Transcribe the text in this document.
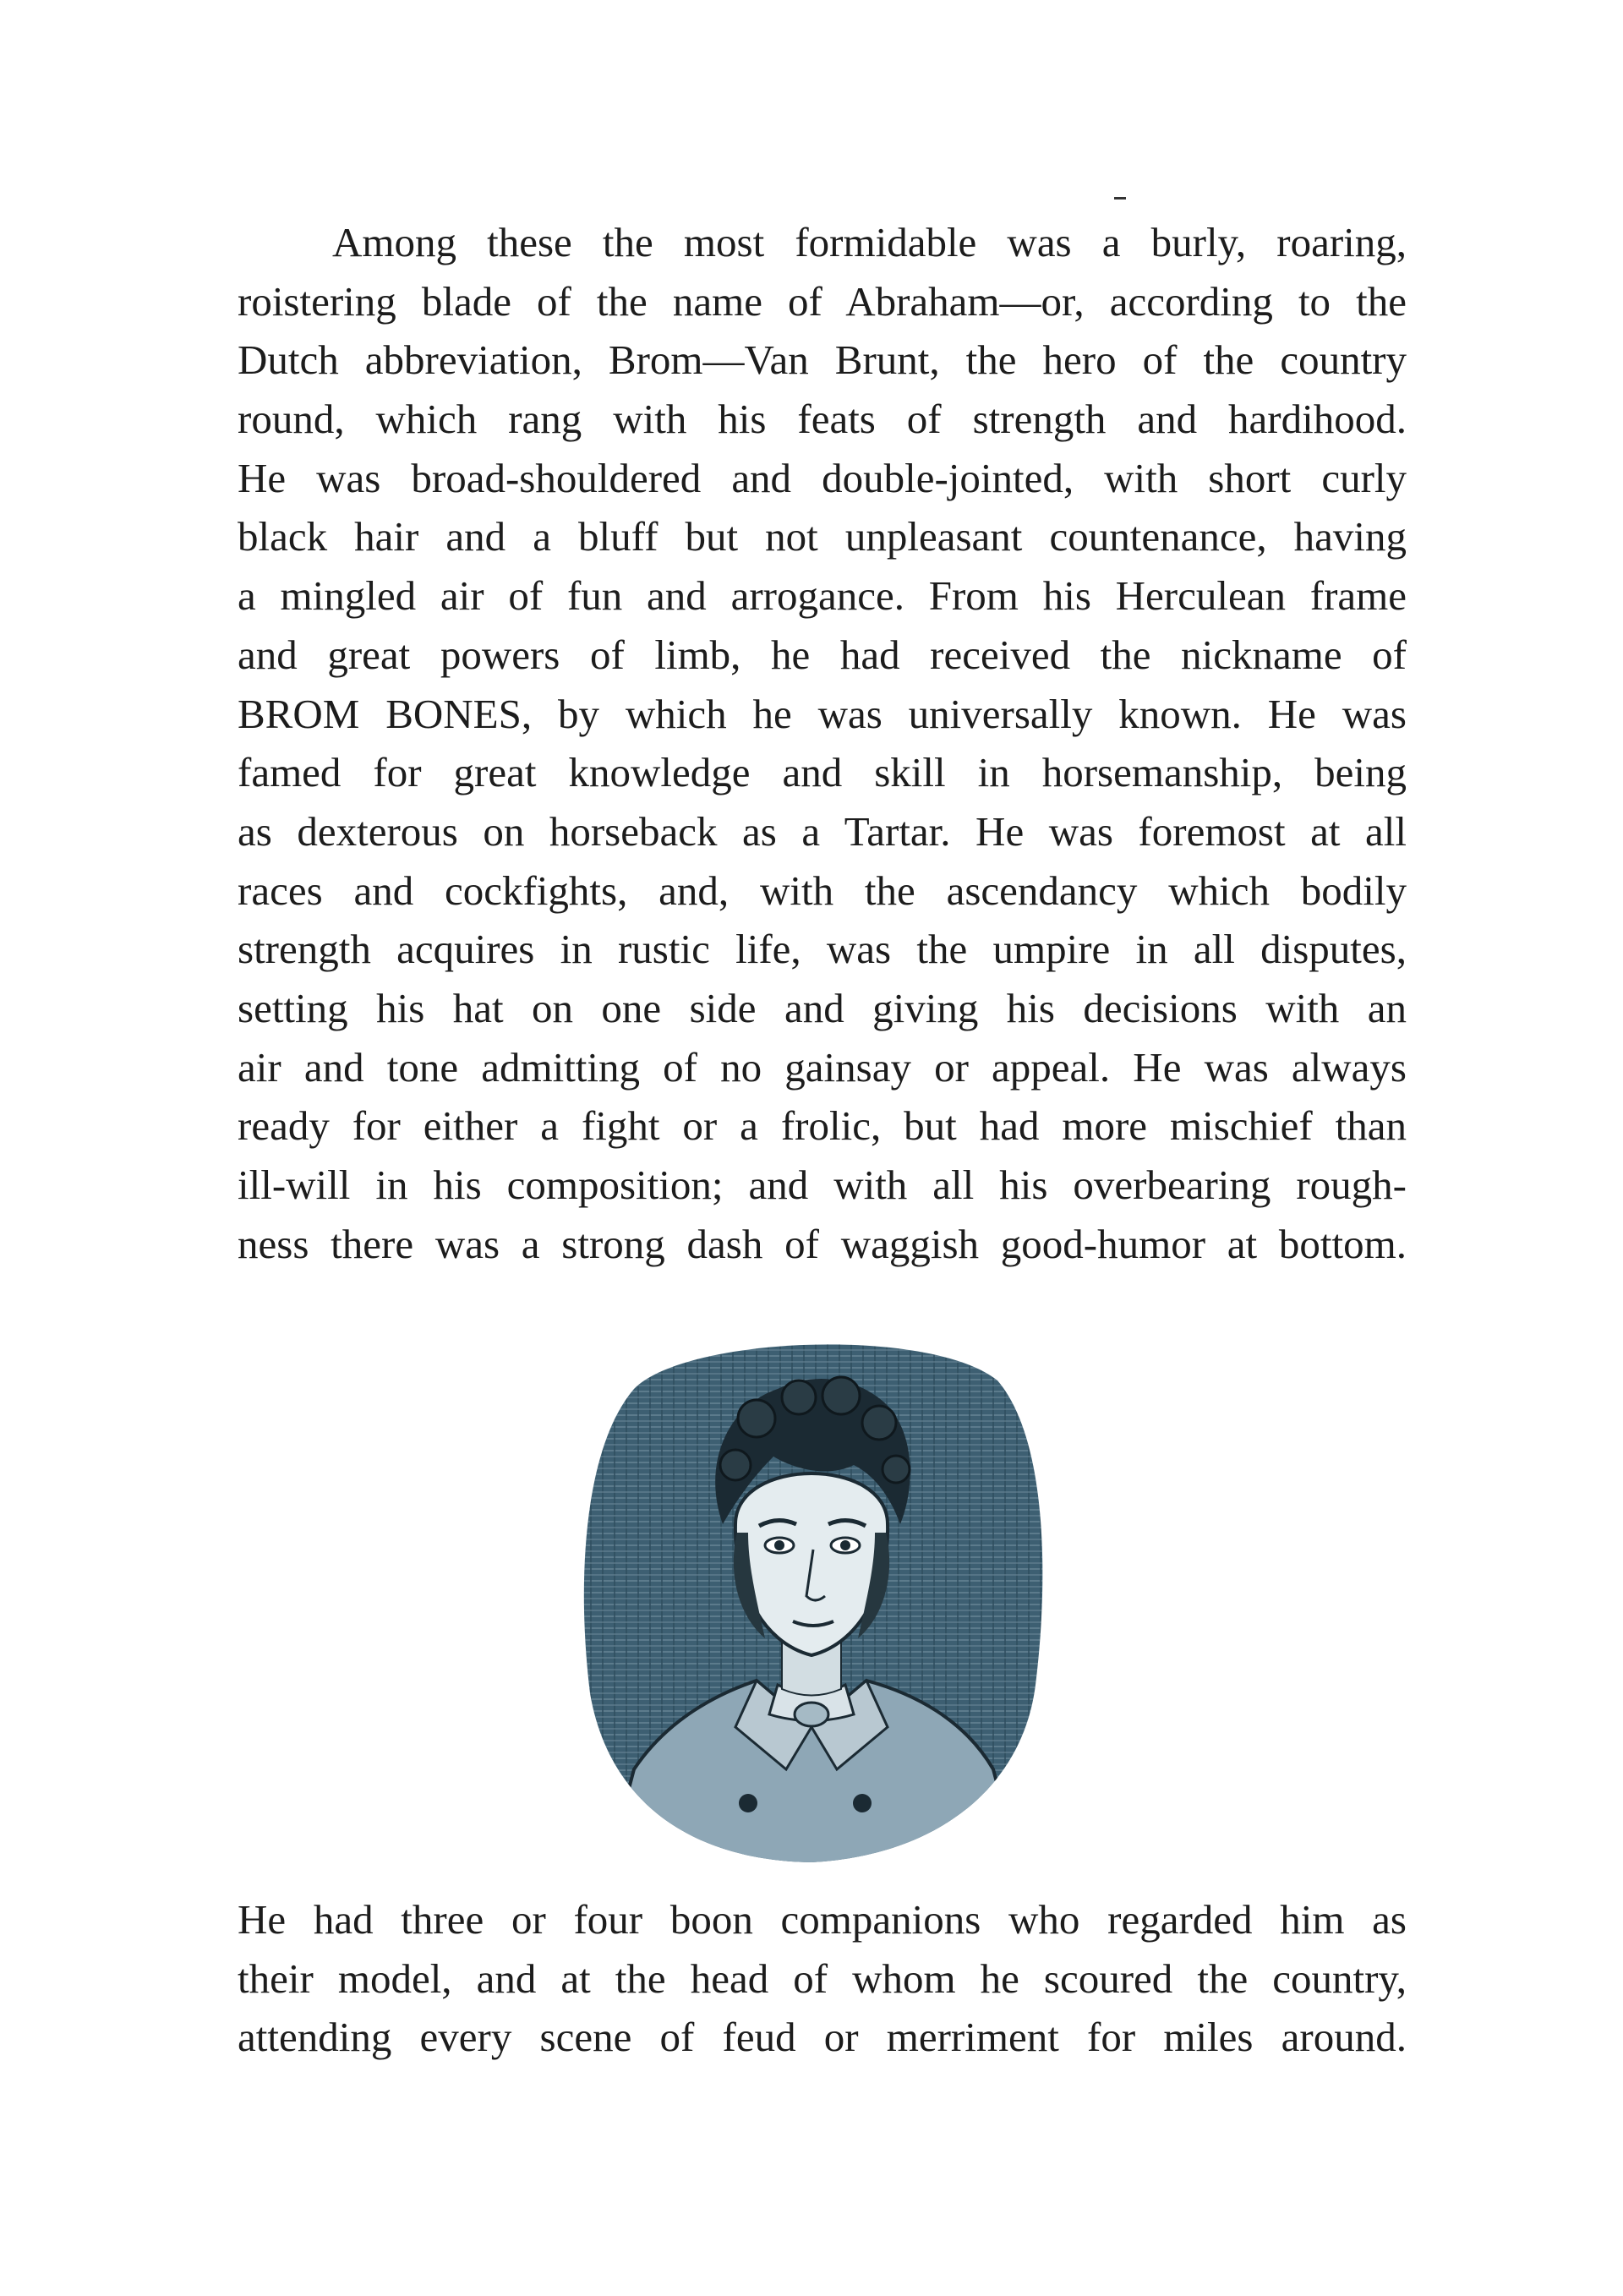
Among these the most formidable was a burly, roaring,
roistering blade of the name of Abraham—or, according to the
Dutch abbreviation, Brom—Van Brunt, the hero of the country
round, which rang with his feats of strength and hardihood.
He was broad-shouldered and double-jointed, with short curly
black hair and a bluff but not unpleasant countenance, having
a mingled air of fun and arrogance. From his Herculean frame
and great powers of limb, he had received the nickname of
BROM BONES, by which he was universally known. He was
famed for great knowledge and skill in horsemanship, being
as dexterous on horseback as a Tartar. He was foremost at all
races and cockfights, and, with the ascendancy which bodily
strength acquires in rustic life, was the umpire in all disputes,
setting his hat on one side and giving his decisions with an
air and tone admitting of no gainsay or appeal. He was always
ready for either a fight or a frolic, but had more mischief than
ill-will in his composition; and with all his overbearing rough-
ness there was a strong dash of waggish good-humor at bottom.
He had three or four boon companions who regarded him as
their model, and at the head of whom he scoured the country,
attending every scene of feud or merriment for miles around.
